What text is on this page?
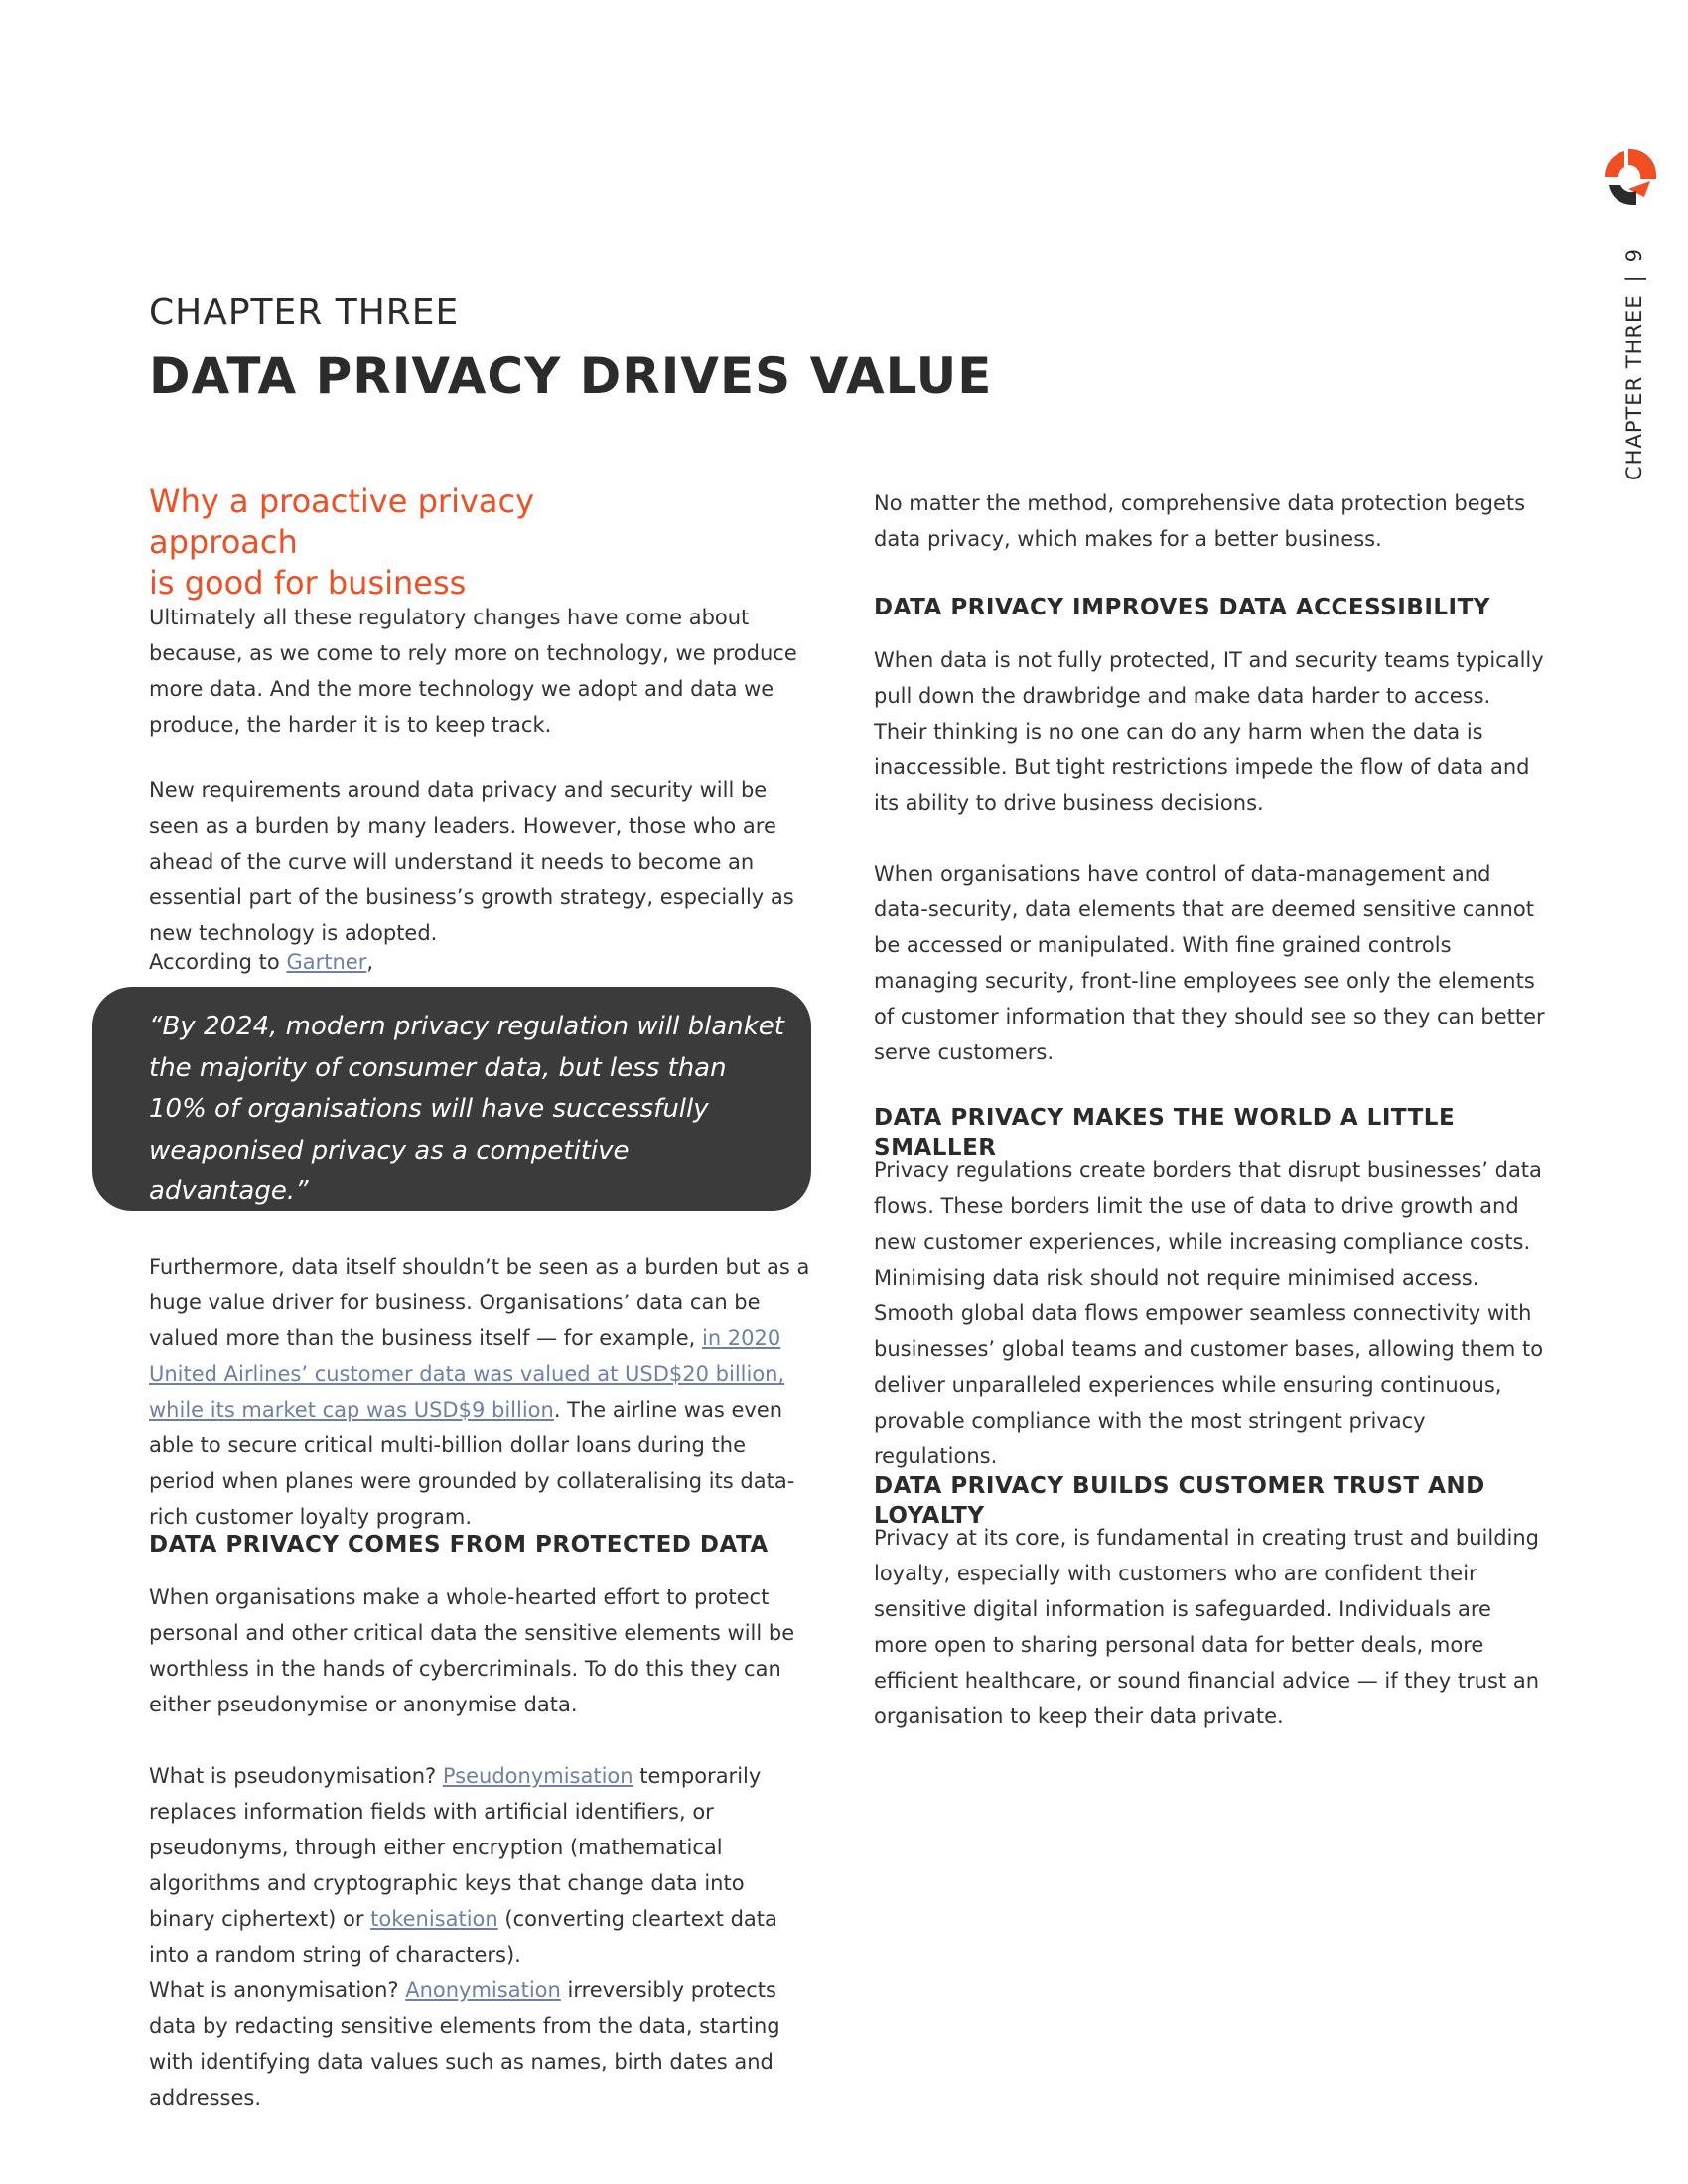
CHAPTER THREE
DATA PRIVACY DRIVES VALUE	CHAPTER THREE|9
Why a proactive privacy approach
is good for business

Ultimately all these regulatory changes have come about because, as we come to rely more on technology, we produce more data. And the more technology we adopt and data we produce, the harder it is to keep track.

New requirements around data privacy and security will be seen as a burden by many leaders. However, those who are ahead of the curve will understand it needs to become an essential part of the business’s growth strategy, especially as new technology is adopted.

According to Gartner,

Furthermore, data itself shouldn’t be seen as a burden but as a huge value driver for business. Organisations’ data can be valued more than the business itself — for example, in 2020 United Airlines’ customer data was valued at USD$20 billion, while its market cap was USD$9 billion. The airline was even able to secure critical multi-billion dollar loans during the period when planes were grounded by collateralising its data-rich customer loyalty program.

DATA PRIVACY COMES FROM PROTECTED DATA

When organisations make a whole-hearted effort to protect personal and other critical data the sensitive elements will be worthless in the hands of cybercriminals. To do this they can either pseudonymise or anonymise data.

What is pseudonymisation? Pseudonymisation temporarily replaces information fields with artificial identifiers, or pseudonyms, through either encryption (mathematical algorithms and cryptographic keys that change data into binary ciphertext) or tokenisation (converting cleartext data into a random string of characters).

What is anonymisation? Anonymisation irreversibly protects data by redacting sensitive elements from the data, starting with identifying data values such as names, birth dates and addresses.

“By 2024, modern privacy regulation will blanket the majority of consumer data, but less than 10% of organisations will have successfully weaponised privacy as a competitive advantage.”

No matter the method, comprehensive data protection begets data privacy, which makes for a better business.

DATA PRIVACY IMPROVES DATA ACCESSIBILITY

When data is not fully protected, IT and security teams typically pull down the drawbridge and make data harder to access. Their thinking is no one can do any harm when the data is inaccessible. But tight restrictions impede the flow of data and its ability to drive business decisions.

When organisations have control of data-management and data-security, data elements that are deemed sensitive cannot be accessed or manipulated. With fine grained controls managing security, front-line employees see only the elements of customer information that they should see so they can better serve customers.

DATA PRIVACY MAKES THE WORLD A LITTLE SMALLER

Privacy regulations create borders that disrupt businesses’ data flows. These borders limit the use of data to drive growth and new customer experiences, while increasing compliance costs. Minimising data risk should not require minimised access. Smooth global data flows empower seamless connectivity with businesses’ global teams and customer bases, allowing them to deliver unparalleled experiences while ensuring continuous, provable compliance with the most stringent privacy regulations.

DATA PRIVACY BUILDS CUSTOMER TRUST AND LOYALTY

Privacy at its core, is fundamental in creating trust and building loyalty, especially with customers who are confident their sensitive digital information is safeguarded. Individuals are more open to sharing personal data for better deals, more efficient healthcare, or sound financial advice — if they trust an organisation to keep their data private.
